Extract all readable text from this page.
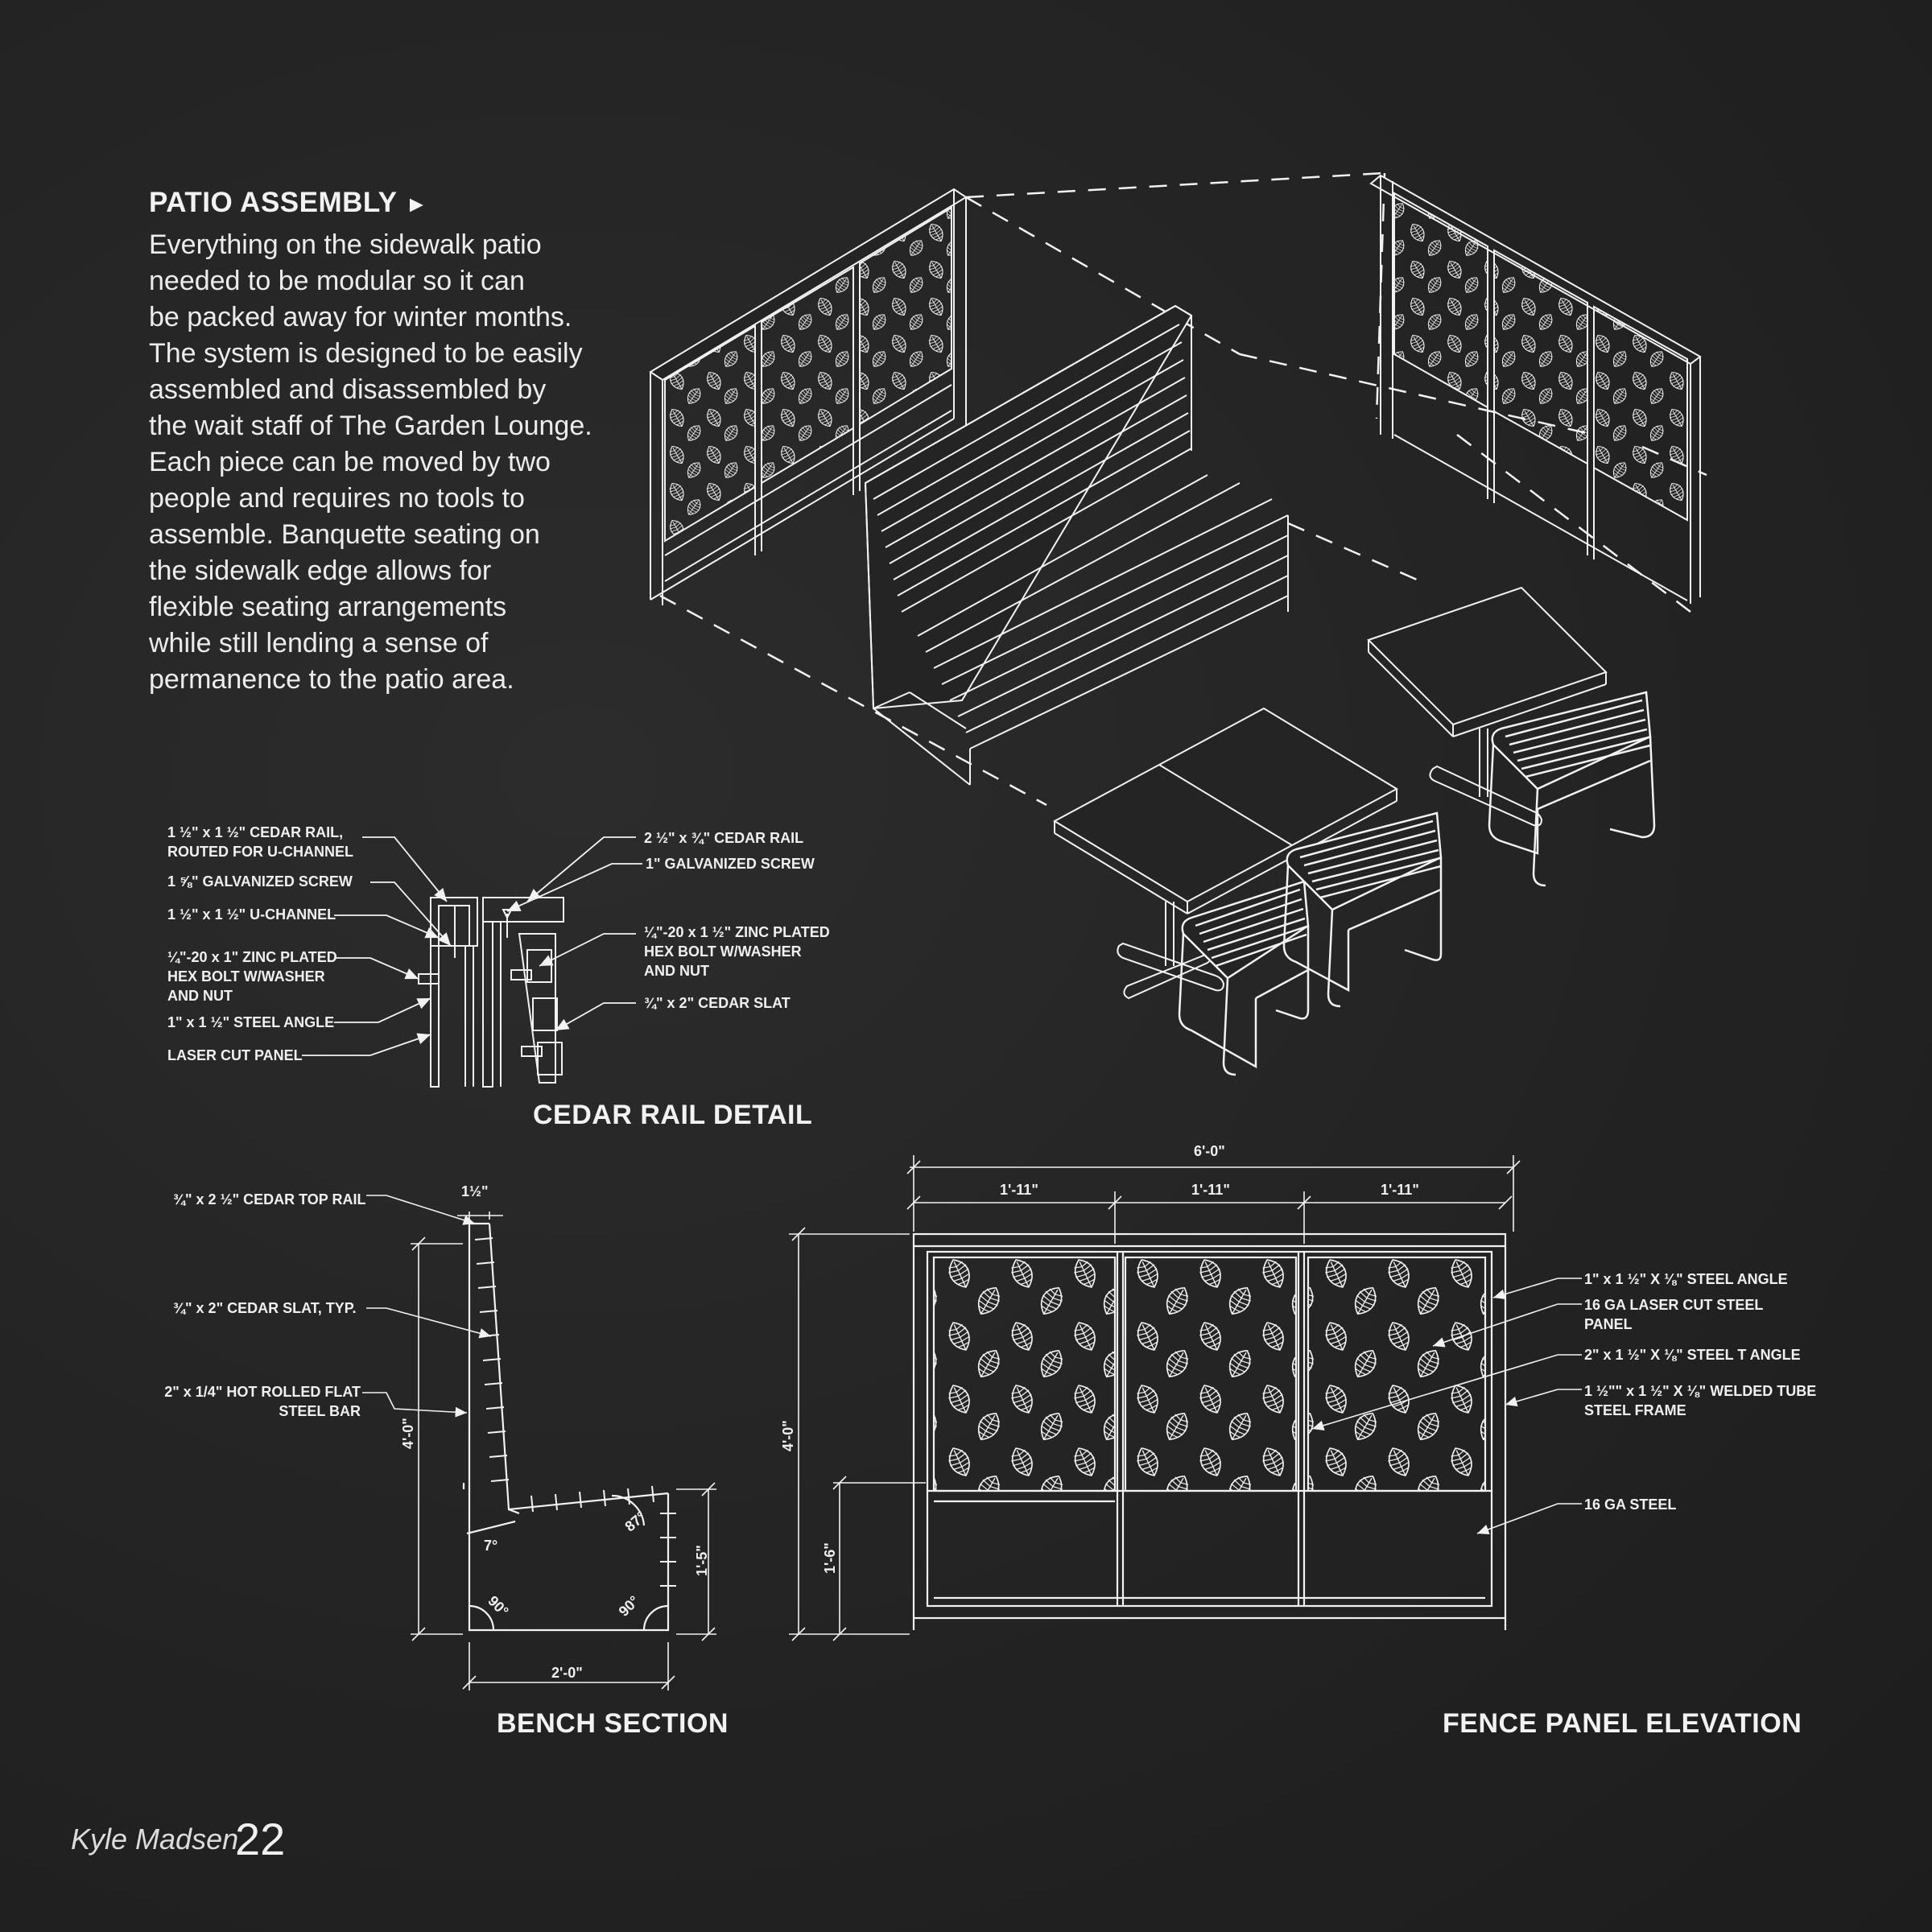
PATIO ASSEMBLY ►
Everything on the sidewalk patio
needed to be modular so it can
be packed away for winter months.
The system is designed to be easily
assembled and disassembled by
the wait staff of The Garden Lounge.
Each piece can be moved by two
people and requires no tools to
assemble. Banquette seating on
the sidewalk edge allows for
flexible seating arrangements
while still lending a sense of
permanence to the patio area.
1 ½" x 1 ½" CEDAR RAIL,
ROUTED FOR U-CHANNEL
1 ⅝" GALVANIZED SCREW
1 ½" x 1 ½" U-CHANNEL
¼"-20 x 1" ZINC PLATED
HEX BOLT W/WASHER
AND NUT
1" x 1 ½" STEEL ANGLE
LASER CUT PANEL
2 ½" x ¾" CEDAR RAIL
1" GALVANIZED SCREW
¼"-20 x 1 ½" ZINC PLATED
HEX BOLT W/WASHER
AND NUT
¾" x 2" CEDAR SLAT
CEDAR RAIL DETAIL
¾" x 2 ½" CEDAR TOP RAIL
¾" x 2" CEDAR SLAT, TYP.
2" x 1/4" HOT ROLLED FLAT
STEEL BAR
1½"
4'-0"
1'-5"
2'-0"
7°
87°
90°	90°
BENCH SECTION
6'-0"
1'-11"	1'-11"	1'-11"
4'-0"
1'-6"
1" x 1 ½" X ⅛" STEEL ANGLE
16 GA LASER CUT STEEL
PANEL
2" x 1 ½" X ⅛" STEEL T ANGLE
1 ½"" x 1 ½" X ⅛" WELDED TUBE
STEEL FRAME
16 GA STEEL
FENCE PANEL ELEVATION
Kyle Madsen
22
